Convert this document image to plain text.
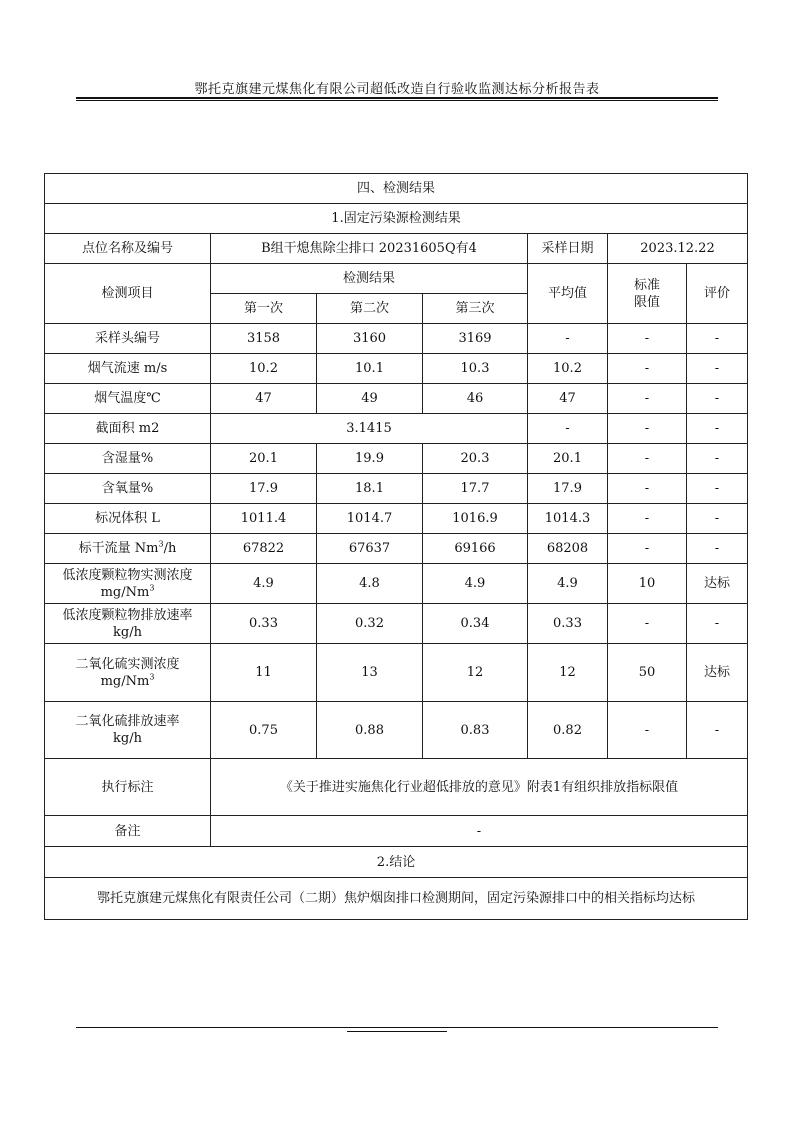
鄂托克旗建元煤焦化有限公司超低改造自行验收监测达标分析报告表
四、检测结果						
1.固定污染源检测结果						
点位名称及编号	B组干熄焦除尘排口 20231605Q有4			采样日期	2023.12.22	
检测项目	检测结果			平均值	标准限值	评价
	第一次	第二次	第三次			
采样头编号	3158	3160	3169	-	-	-
烟气流速 m/s	10.2	10.1	10.3	10.2	-	-
烟气温度℃	47	49	46	47	-	-
截面积 m2	3.1415			-	-	-
含湿量%	20.1	19.9	20.3	20.1	-	-
含氧量%	17.9	18.1	17.7	17.9	-	-
标况体积 L	1011.4	1014.7	1016.9	1014.3	-	-
标干流量 Nm$^3$/h	67822	67637	69166	68208	-	-

低浓度颗粒物实测浓度
mg/Nm$^3$	4.9	4.8	4.9	4.9	10	达标

低浓度颗粒物排放速率
kg/h	0.33	0.32	0.34	0.33	-	-

二氧化硫实测浓度
mg/Nm$^3$	11	13	12	12	50	达标

二氧化硫排放速率
kg/h	0.75	0.88	0.83	0.82	-	-
执行标注	《关于推进实施焦化行业超低排放的意见》附表1有组织排放指标限值					
备注	-					
2.结论						
鄂托克旗建元煤焦化有限责任公司（二期）焦炉烟囱排口检测期间，固定污染源排口中的相关指标均达标						
